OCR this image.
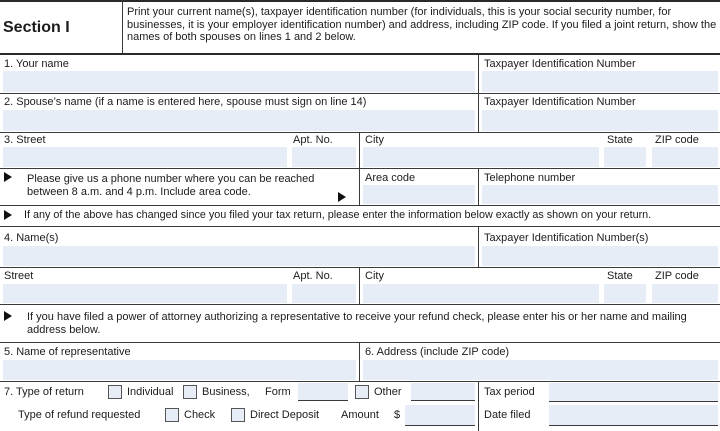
Section I
Print your current name(s), taxpayer identification number (for individuals, this is your social security number, for businesses, it is your employer identification number) and address, including ZIP code. If you filed a joint return, show the names of both spouses on lines 1 and 2 below.
1. Your name	Taxpayer Identification Number
2. Spouse’s name (if a name is entered here, spouse must sign on line 14)	Taxpayer Identification Number
3. Street	Apt. No.	City	State ZIP code
Please give us a phone number where you can be reached between 8 a.m. and 4 p.m. Include area code.
Area code	Telephone number
If any of the above has changed since you filed your tax return, please enter the information below exactly as shown on your return.
4. Name(s)	Taxpayer Identification Number(s)
Street	Apt. No.	City	State ZIP code
If you have filed a power of attorney authorizing a representative to receive your refund check, please enter his or her name and mailing address below.
5. Name of representative	6. Address (include ZIP code)
7. Type of return	Individual	Business, Form	Other	Tax period
Type of refund requested	Check	Direct Deposit Amount $	Date filed
